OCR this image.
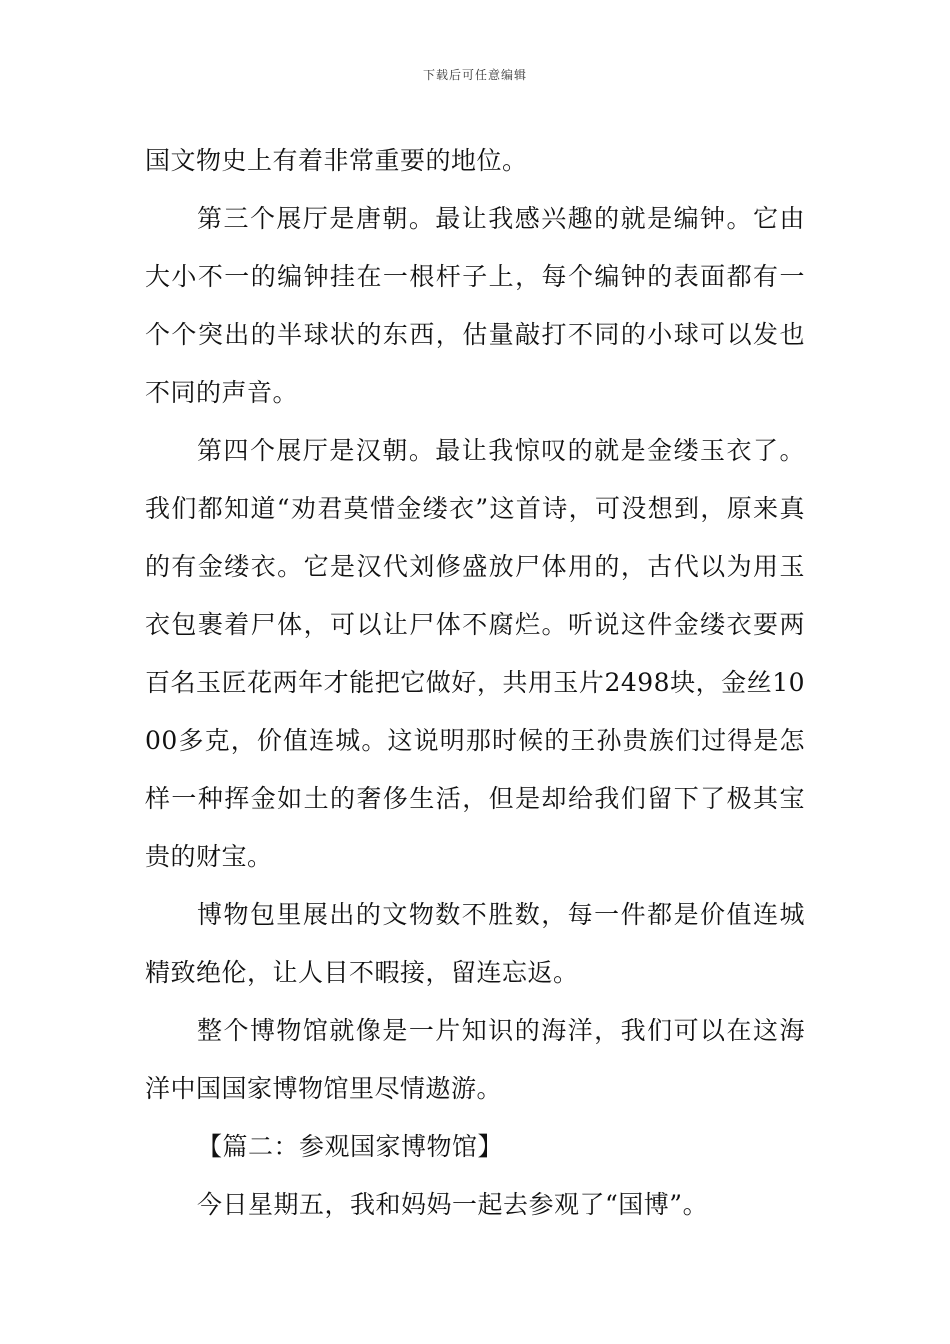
下载后可任意编辑

国文物史上有着非常重要的地位。

第三个展厅是唐朝。最让我感兴趣的就是编钟。它由大小不一的编钟挂在一根杆子上，每个编钟的表面都有一个个突出的半球状的东西，估量敲打不同的小球可以发也不同的声音。

第四个展厅是汉朝。最让我惊叹的就是金缕玉衣了。我们都知道“劝君莫惜金缕衣”这首诗，可没想到，原来真的有金缕衣。它是汉代刘修盛放尸体用的，古代以为用玉衣包裹着尸体，可以让尸体不腐烂。听说这件金缕衣要两百名玉匠花两年才能把它做好，共用玉片2498块，金丝1000多克，价值连城。这说明那时候的王孙贵族们过得是怎样一种挥金如土的奢侈生活，但是却给我们留下了极其宝贵的财宝。

博物包里展出的文物数不胜数，每一件都是价值连城精致绝伦，让人目不暇接，留连忘返。

整个博物馆就像是一片知识的海洋，我们可以在这海洋中国国家博物馆里尽情遨游。

【篇二：参观国家博物馆】

今日星期五，我和妈妈一起去参观了“国博”。
